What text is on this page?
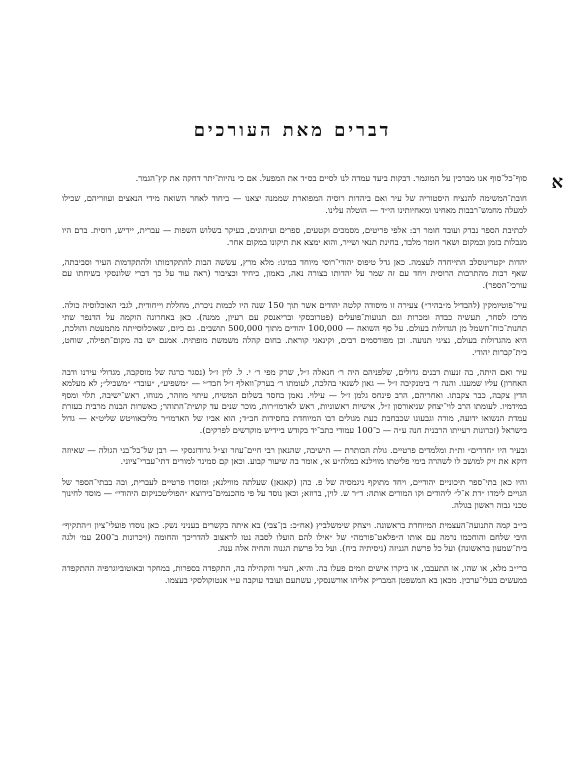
דברים מאת העורכים
א

סוף־כל־סוף אנו מברכין על המוגמר. דבקות ביעד עמדה לנו לסיים בס״ד את המפעל. אם כי נהיות־יתר דחקה את קץ־הגמר.

חובת־המשימה להנציח היסטוריה של עיר ואם ביהדות רוסיה המפוארת שממנה יצאנו — ביחוד לאחר השואה מידי הנאצים ועוזריהם, שכילו למעלה מחמש־רבבות מאחינו ומאחיותינו הי״ד — הוטלה עלינו.

לכתיבת הספר נבדק ועובד חומר רב: אלפי פריטים, מסמכים וקטעים, ספרים ועיתונים, בעיקר בשלוש השפות — עברית, יידיש, רוסית. ברם היו מגבלות בזמן ובמקום ושאר חומר מלבד, בחינת תנאי ושייר, והוא ימצא את תיקונו במקום אחר.

יהדות יקטרינוסלב התייחדה לעצמה. כאן גדל טיפוס יהודי־רוסי מיוחד במינו: מלא מרץ, עשׂשה הבות להתקדמותו ולהתקדמות העיר וסביבתה, שאף רבות מהתרבות הרוסית ויחד עם זה שמר על יהדותו בצורה נאה, באמון, כיחיד וכציבור (ראה עוד על כך דברי שלונסקי בשיחתו עם עורכי־הספר).

עיר־פוטיומקין (להבדיל מ״בהיר״) צעירה זו מיסודה קלטה יהודים אשר תוך 150 שנה היו לכמות ניכרת, מחללת וייחודית, לגבי האוכלוסיה כולה. מרכז לסחר, תעשיה כבדה ומכרות וגם תנועות־פועלים (פטרובסקי ובריאנסק עם רעיון, ממנה). כאן באחרונה הוקמה על הדנפר שתי תחנות־כוח־חשמל מן הגדולות בעולם. על סף השואה — 100,000 יהודים מתוך 500,000 תושבים. גם כיום, שאוכלוסייתה מתמעטת והולכת, היא מהגדולות בעולם, נציגי תנועה. וכן מפורסמים רבים, וקינאגי קוראת. בחום קהלה משמשת מופתית. אמנם יש בה מקום־תפילה, שוחט, בית־קברות יהודי.

עיר ואם היתה, בה זנעות דבנים גדולים, שלפניהם היה ר׳ חנאלה ז״ל, שרק מפי ר׳ י. ל. לוין ז״ל (נסגר כרגה של מוסקבה, מגדולי עירנו ודבה האחרון) עליו שמענו. והנה ר׳ בימנקיבה ז״ל — גאון לשנאי בהלכה, לעומתו ר׳ בערק־וואלף ז״ל חבד״י — ״משפיע״, ״עובד״ ״משכיל״; לא מעלמא הדין צקבה, כבר צקבתו. ואחריהם, הרב פינחס גלמן ז״ל — עילוי. נאמן בחסד בשלום המשיח, עיתוי מוזהר, מנוחו, ראש־ישיבה, תלוי ומסף במידמיו. לעומתו הרב לוי־יצחק שניאורסון ז״ל, אישיות ראשוניות, ראש לאדמו״רות, מוכר שנים עד קושית־התוהר; כאשרות הבנות מרבית בעזרת עמדת הנשואו ידועה, מורה וגבעונו שכבחבת כעת מגולים דבו המיוחדת בחסידות חב״ד; הוא אביו של האדמו״ר מליבאוויטש שליט״א — גדול בישראל (זכרונות רעייתו הרבנית חנה ע״ה — כ־100 עמודי כתב־יד בקודש ביידיש מוקדשים לפרקים).

ובעיר היו ״חדרים״ ות״ת ומלמדים פרטיים. גולת הכותרת — הישיבה, שהנאון רבי חיים־עוזר זצ״ל גרודזנסקי — רבן של־כל־בני הגולה — שאיוזה דוקא את זיק למושב לו לשהרה בימי פליטתו מווילנא במלה״ע א׳, אומר בה שיעור קבוע. וכאן קם סמינר למורים דתי־עברי־ציוני.

והיו כאן בתי־ספר תיכוניים יהודיים, ויחד מתוקף ניגמסיה של פ. כהן (קאגאן) שעלתה מווילנא; ומוסרו פרטיים לעברית, ובה בבתי־הספר של הגויים לימדו ״דת א־ל״ ליהודים וקו המורים אותה: ד״ר ש. לוין, ברוזא; וכאן נוסד על פי מהכנמים־בירוצא ״הפוליטכניקום היהודי״ — מוסד לחינוך טכני גבוה ראשון בגולה.

בי״ב קמה התנועה־העצמית המיוחדת בראשונה. ויצחק שימשלביץ (אח״כ: בן־צבי) בא איתה בקשרים בעניני נשק. כאן נוסדו פועלי־ציון ו״התקיף״ היבי שלחם והוחכמו נרמה עם אותו ה״פלאט־פורמה״ של ״אילו להם הועלו לסבה נטו לראצוב להדריכך והחומה (זיכרונות ב־200 עמ׳ ולגה בית־שמעון בראשונה) ועל כל פרשת הגניזה (ניסיתיה ביח). ועל כל פרשת הגנוה והחיה אלה ענה.

ברי״ב מלא, או שהו, או התעבבו, או ביקרו אישים וזמים פעלו בה. והיא, העיר והקהילה בה, התקפדה בספרות, במחקר ובאוטוביוגרפיה ההתקפדה במעשים בעלי־ערכין. מכאן בא המשפטן המבריק אליהו אורשנסקי, עשתעם ועובד עוקבה ע״י אנטוקולסקי בעצמו.
